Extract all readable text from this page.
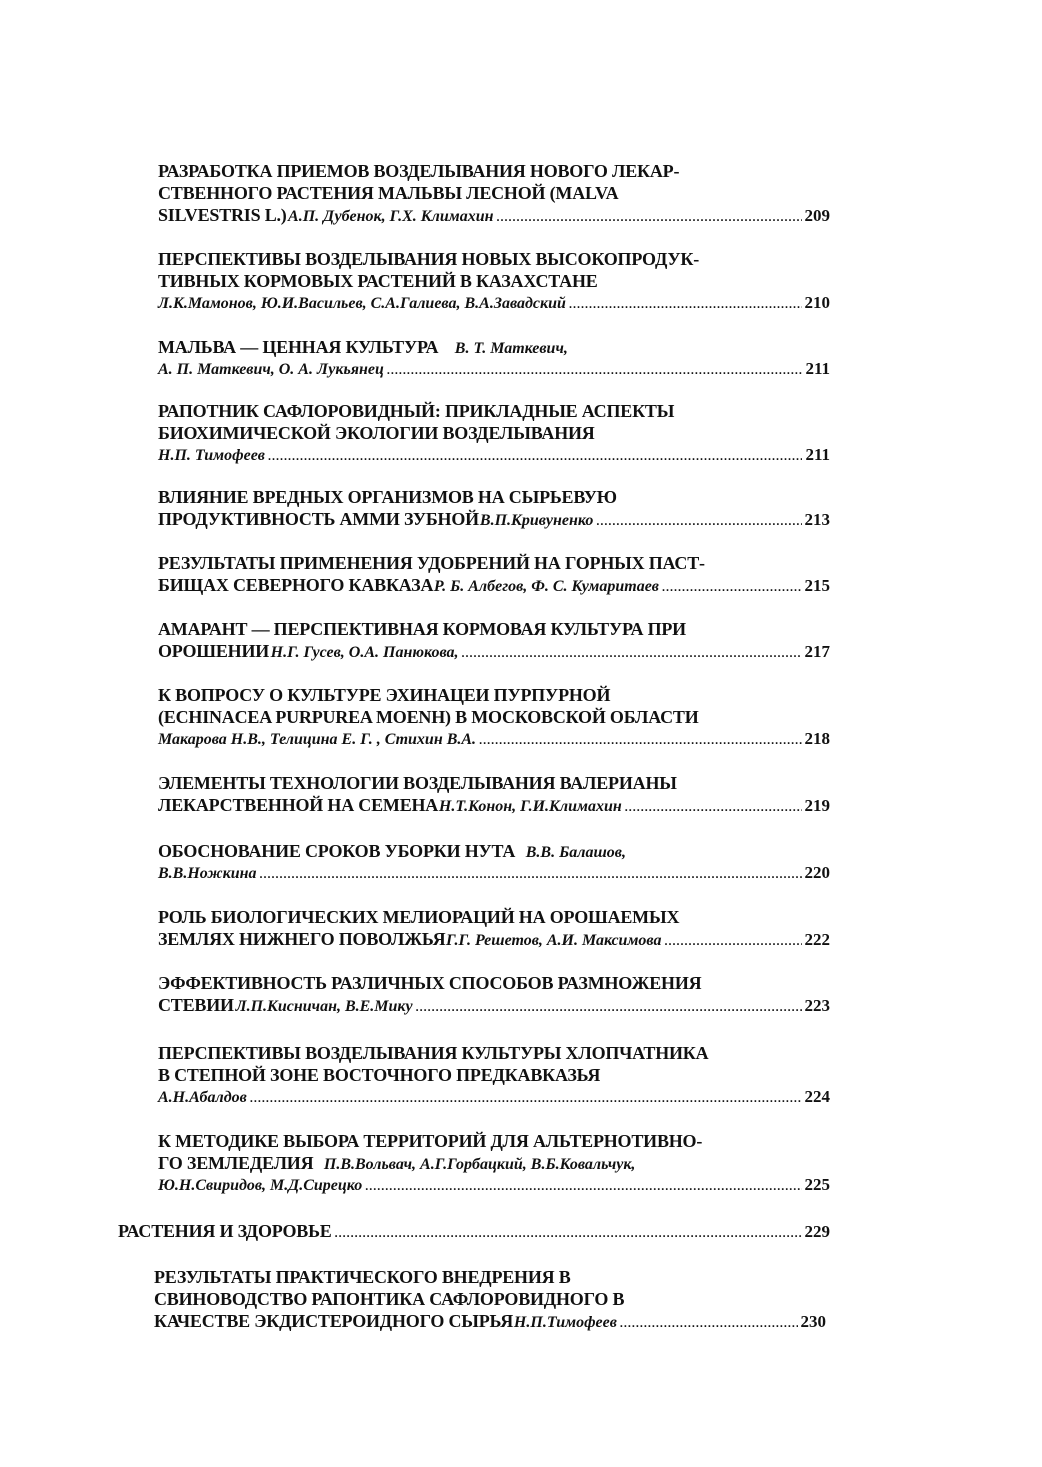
РАЗРАБОТКА ПРИЕМОВ ВОЗДЕЛЫВАНИЯ НОВОГО ЛЕКАР-
СТВЕННОГО РАСТЕНИЯ МАЛЬВЫ ЛЕСНОЙ (MALVA
SILVESTRIS L.) А.П. Дубенок, Г.Х. Климахин .....	209
ПЕРСПЕКТИВЫ ВОЗДЕЛЫВАНИЯ НОВЫХ ВЫСОКОПРОДУК-
ТИВНЫХ КОРМОВЫХ РАСТЕНИЙ В КАЗАХСТАНЕ
Л.К.Мамонов, Ю.И.Васильев, С.А.Галиева, В.А.Завадский .....	210
МАЛЬВА — ЦЕННАЯ КУЛЬТУРА В. Т. Маткевич,
А. П. Маткевич, О. А. Лукьянец .....	211
РАПОТНИК САФЛОРОВИДНЫЙ: ПРИКЛАДНЫЕ АСПЕКТЫ
БИОХИМИЧЕСКОЙ ЭКОЛОГИИ ВОЗДЕЛЫВАНИЯ
Н.П. Тимофеев .....	211
ВЛИЯНИЕ ВРЕДНЫХ ОРГАНИЗМОВ НА СЫРЬЕВУЮ
ПРОДУКТИВНОСТЬ АММИ ЗУБНОЙ В.П.Кривуненко .....	213
РЕЗУЛЬТАТЫ ПРИМЕНЕНИЯ УДОБРЕНИЙ НА ГОРНЫХ ПАСТ-
БИЩАХ СЕВЕРНОГО КАВКАЗА Р. Б. Албегов, Ф. С. Кумаритаев .....	215
АМАРАНТ — ПЕРСПЕКТИВНАЯ КОРМОВАЯ КУЛЬТУРА ПРИ
ОРОШЕНИИ Н.Г. Гусев, О.А. Панюкова, .....	217
К ВОПРОСУ О КУЛЬТУРЕ ЭХИНАЦЕИ ПУРПУРНОЙ
(ECHINACEA PURPUREA MOENH) В МОСКОВСКОЙ ОБЛАСТИ
Макарова Н.В., Телицина Е. Г. , Стихин В.А. .....	218
ЭЛЕМЕНТЫ ТЕХНОЛОГИИ ВОЗДЕЛЫВАНИЯ ВАЛЕРИАНЫ
ЛЕКАРСТВЕННОЙ НА СЕМЕНА Н.Т.Конон, Г.И.Климахин .....	219
ОБОСНОВАНИЕ СРОКОВ УБОРКИ НУТА В.В. Балашов,
В.В.Ножкина .....	220
РОЛЬ БИОЛОГИЧЕСКИХ МЕЛИОРАЦИЙ НА ОРОШАЕМЫХ
ЗЕМЛЯХ НИЖНЕГО ПОВОЛЖЬЯ Г.Г. Решетов, А.И. Максимова .....	222
ЭФФЕКТИВНОСТЬ РАЗЛИЧНЫХ СПОСОБОВ РАЗМНОЖЕНИЯ
СТЕВИИ Л.П.Кисничан, В.Е.Мику .....	223
ПЕРСПЕКТИВЫ ВОЗДЕЛЫВАНИЯ КУЛЬТУРЫ ХЛОПЧАТНИКА
В СТЕПНОЙ ЗОНЕ ВОСТОЧНОГО ПРЕДКАВКАЗЬЯ
А.Н.Абалдов .....	224
К МЕТОДИКЕ ВЫБОРА ТЕРРИТОРИЙ ДЛЯ АЛЬТЕРНОТИВНО-
ГО ЗЕМЛЕДЕЛИЯ П.В.Вольвач, А.Г.Горбацкий, В.Б.Ковальчук,
Ю.Н.Свиридов, М.Д.Сирецко .....	225
РАСТЕНИЯ И ЗДОРОВЬЕ .....	229
РЕЗУЛЬТАТЫ ПРАКТИЧЕСКОГО ВНЕДРЕНИЯ В
СВИНОВОДСТВО РАПОНТИКА САФЛОРОВИДНОГО В
КАЧЕСТВЕ ЭКДИСТЕРОИДНОГО СЫРЬЯ Н.П.Тимофеев .....	230
